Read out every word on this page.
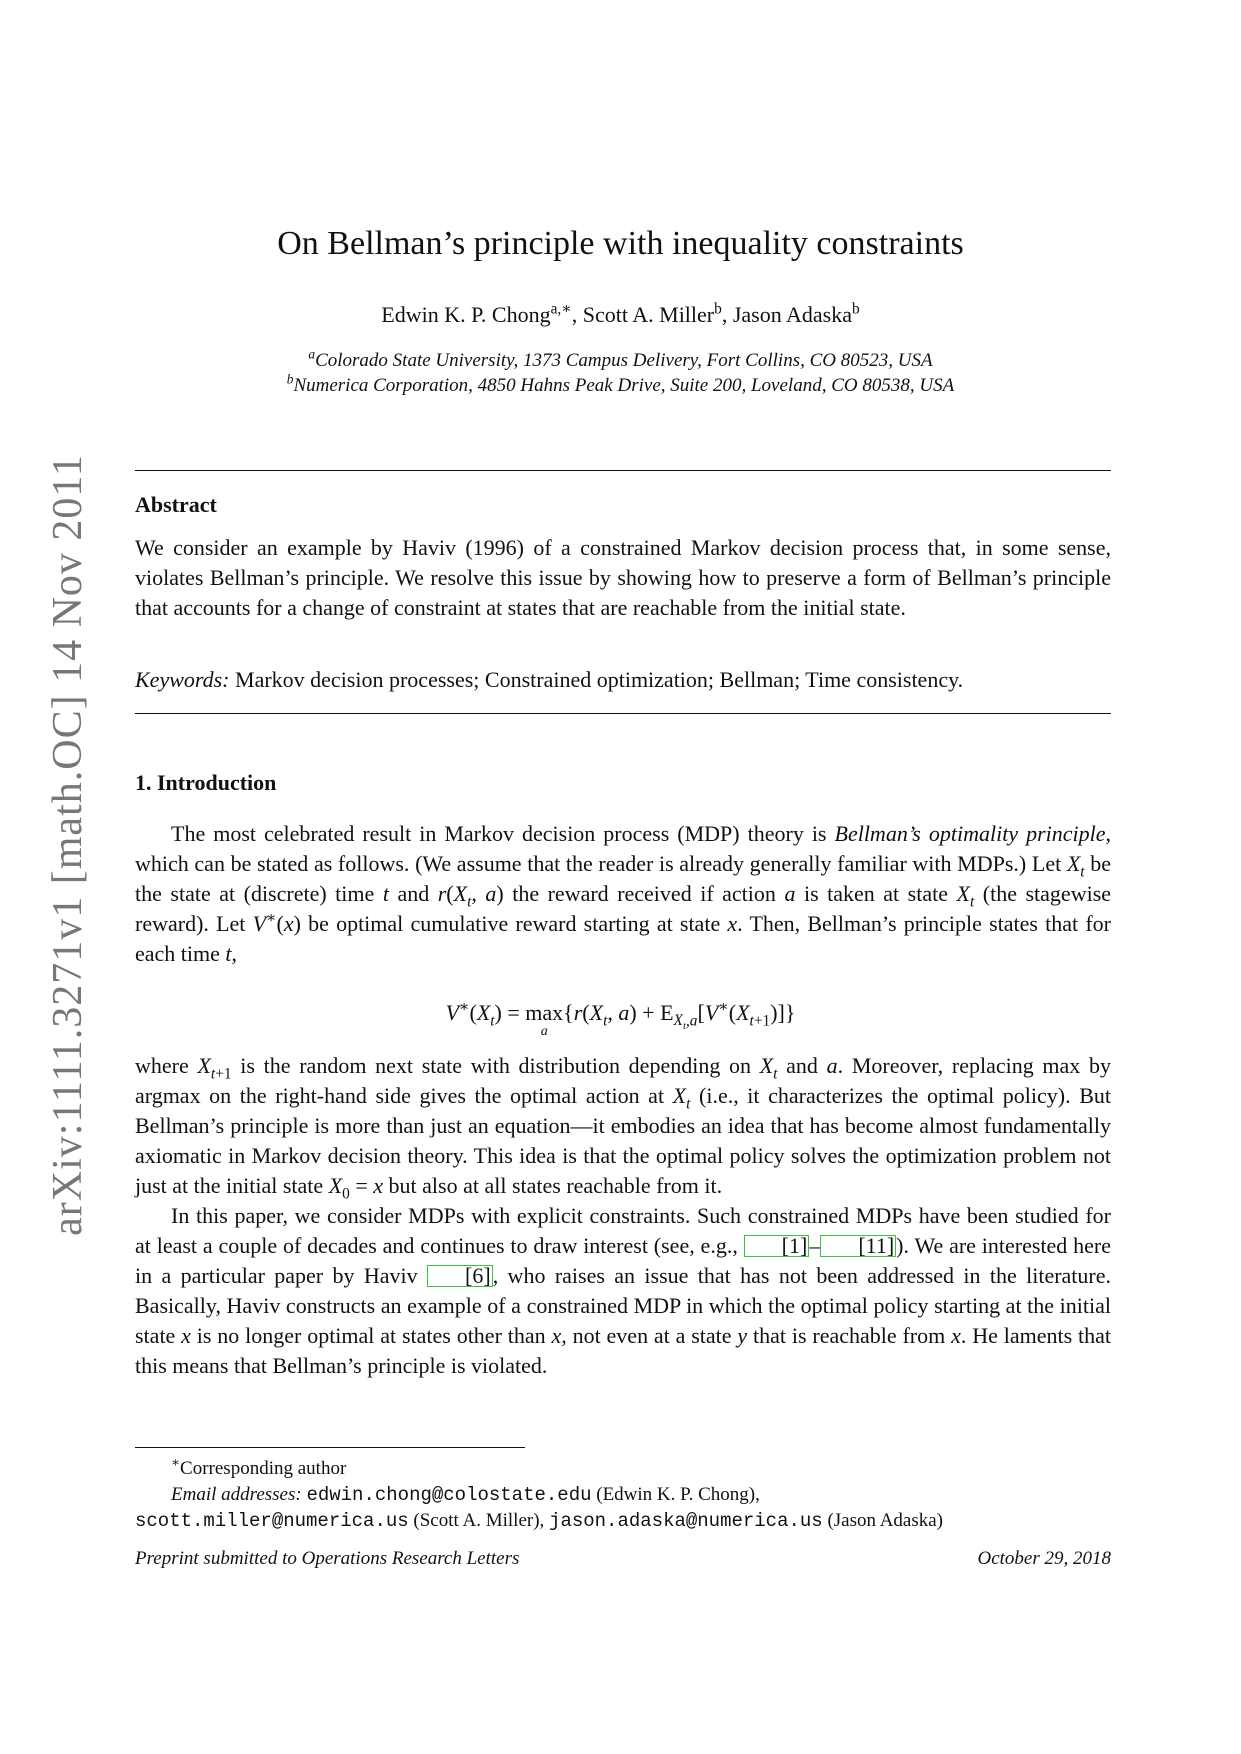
arXiv:1111.3271v1 [math.OC] 14 Nov 2011
On Bellman’s principle with inequality constraints
Edwin K. P. Chong$^{a,∗}$, Scott A. Miller$^b$, Jason Adaska$^b$
$^a$Colorado State University, 1373 Campus Delivery, Fort Collins, CO 80523, USA
$^b$Numerica Corporation, 4850 Hahns Peak Drive, Suite 200, Loveland, CO 80538, USA
Abstract
We consider an example by Haviv (1996) of a constrained Markov decision process that, in some sense, violates Bellman’s principle. We resolve this issue by showing how to preserve a form of Bellman’s principle that accounts for a change of constraint at states that are reachable from the initial state.
Keywords: Markov decision processes; Constrained optimization; Bellman; Time consistency.
1. Introduction

The most celebrated result in Markov decision process (MDP) theory is Bellman’s optimality principle, which can be stated as follows. (We assume that the reader is already generally familiar with MDPs.) Let $X_t$ be the state at (discrete) time t and $r(X_t$, a) the reward received if action a is taken at state $X_t$ (the stagewise reward). Let V∗(x) be optimal cumulative reward starting at state x. Then, Bellman’s principle states that for each time t,

$V^∗(X_t) = \max$
a
{$r(X_t$, $a) + E_{X_t,a}[V^∗(X_{t+1})]$}

where $X_{t+1}$ is the random next state with distribution depending on $X_t$ and a. Moreover, replacing max by argmax on the right-hand side gives the optimal action at $X_t$ (i.e., it characterizes the optimal policy). But Bellman’s principle is more than just an equation—it embodies an idea that has become almost fundamentally axiomatic in Markov decision theory. This idea is that the optimal policy solves the optimization problem not just at the initial state $X_0 = x$ but also at all states reachable from it.

In this paper, we consider MDPs with explicit constraints. Such constrained MDPs have been studied for at least a couple of decades and continues to draw interest (see, e.g., [1]– [11]). We are interested here in a particular paper by Haviv [6], who raises an issue that has not been addressed in the literature. Basically, Haviv constructs an example of a constrained MDP in which the optimal policy starting at the initial state x is no longer optimal at states other than x, not even at a state y that is reachable from x. He laments that this means that Bellman’s principle is violated.

∗Corresponding author
Email addresses: edwin.chong@colostate.edu (Edwin K. P. Chong),
scott.miller@numerica.us (Scott A. Miller), jason.adaska@numerica.us (Jason Adaska)
Preprint submitted to Operations Research Letters	October 29, 2018
